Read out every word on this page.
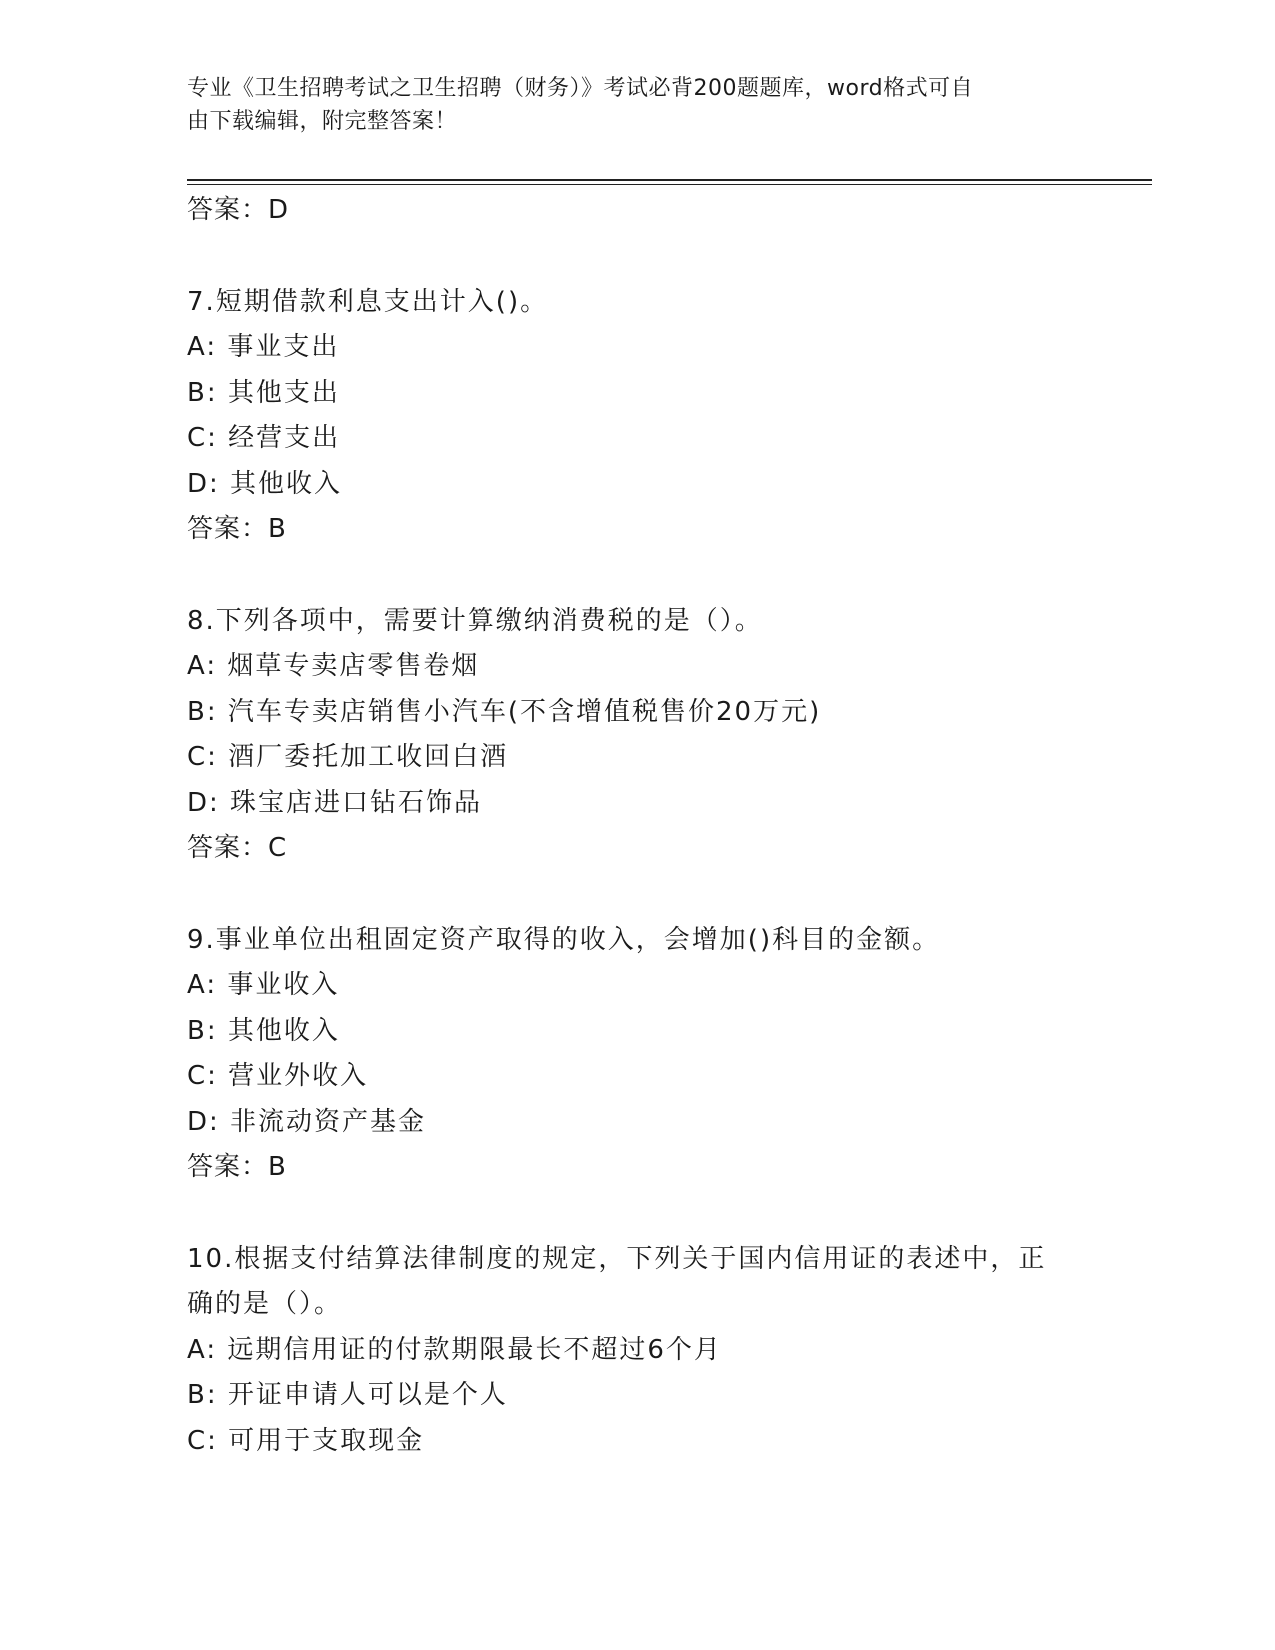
专业《卫生招聘考试之卫生招聘（财务）》考试必背200题题库，word格式可自
由下载编辑，附完整答案！
答案：D
7.短期借款利息支出计入()。
A: 事业支出
B: 其他支出
C: 经营支出
D: 其他收入
答案：B
8.下列各项中，需要计算缴纳消费税的是（）。
A: 烟草专卖店零售卷烟
B: 汽车专卖店销售小汽车(不含增值税售价20万元)
C: 酒厂委托加工收回白酒
D: 珠宝店进口钻石饰品
答案：C
9.事业单位出租固定资产取得的收入，会增加()科目的金额。
A: 事业收入
B: 其他收入
C: 营业外收入
D: 非流动资产基金
答案：B
10.根据支付结算法律制度的规定，下列关于国内信用证的表述中，正
确的是（）。
A: 远期信用证的付款期限最长不超过6个月
B: 开证申请人可以是个人
C: 可用于支取现金
